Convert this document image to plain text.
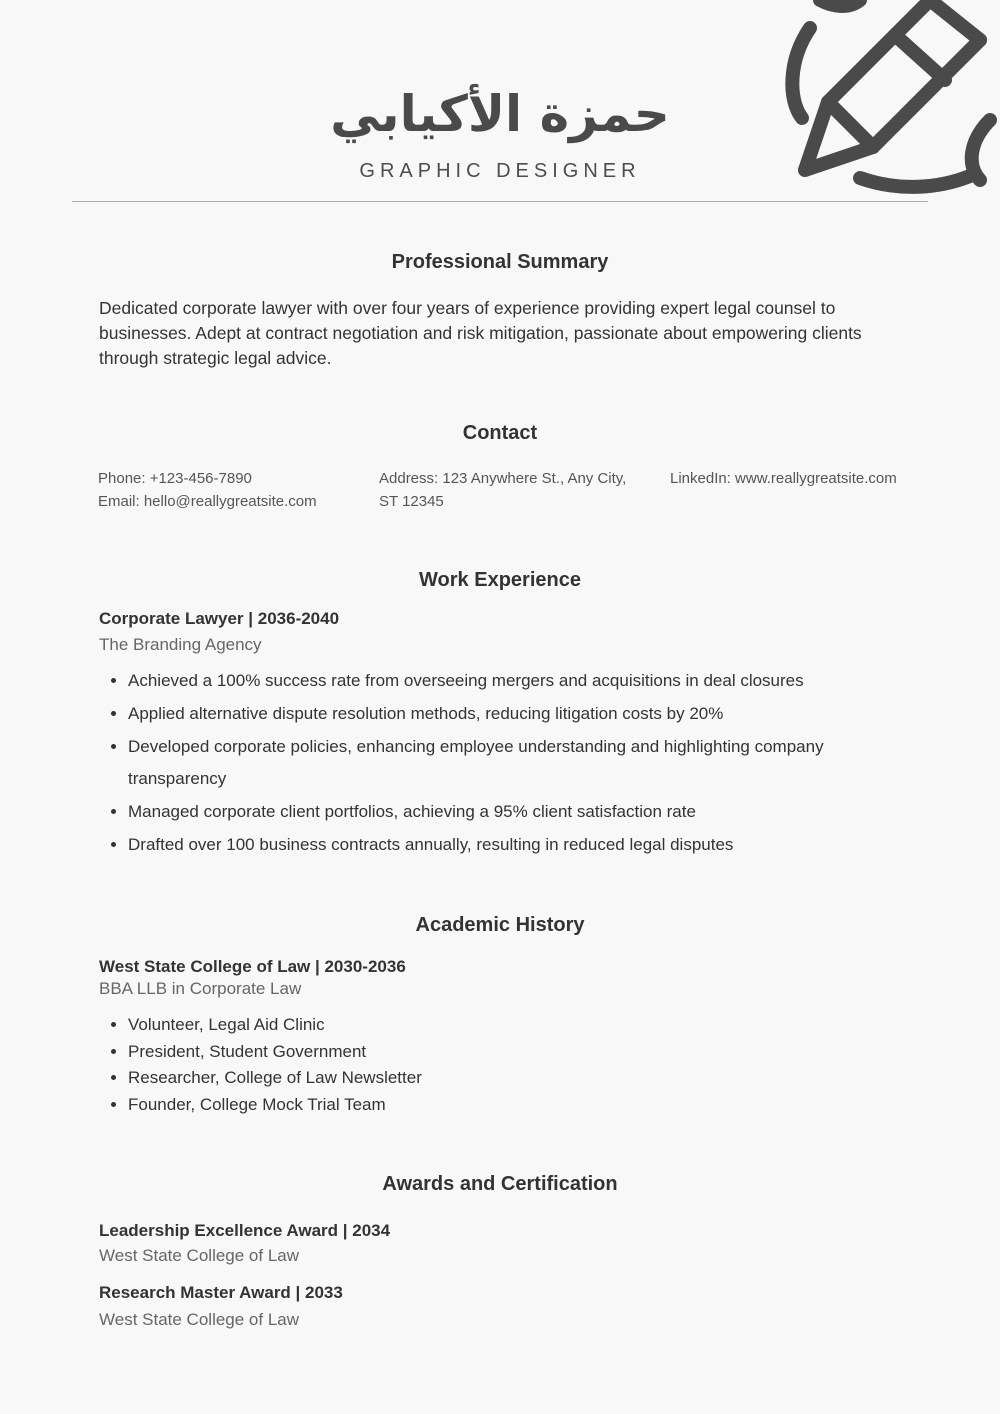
حمزة الأكيابي
GRAPHIC DESIGNER
Professional Summary
Dedicated corporate lawyer with over four years of experience providing expert legal counsel to businesses. Adept at contract negotiation and risk mitigation, passionate about empowering clients through strategic legal advice.
Contact
Phone: +123-456-7890
Email: hello@reallygreatsite.com
Address: 123 Anywhere St., Any City,
ST 12345
LinkedIn: www.reallygreatsite.com
Work Experience
Corporate Lawyer | 2036-2040
The Branding Agency
• Achieved a 100% success rate from overseeing mergers and acquisitions in deal closures
• Applied alternative dispute resolution methods, reducing litigation costs by 20%
• Developed corporate policies, enhancing employee understanding and highlighting company transparency
• Managed corporate client portfolios, achieving a 95% client satisfaction rate
• Drafted over 100 business contracts annually, resulting in reduced legal disputes
Academic History
West State College of Law | 2030-2036
BBA LLB in Corporate Law
• Volunteer, Legal Aid Clinic
• President, Student Government
• Researcher, College of Law Newsletter
• Founder, College Mock Trial Team
Awards and Certification
Leadership Excellence Award | 2034
West State College of Law
Research Master Award | 2033
West State College of Law
